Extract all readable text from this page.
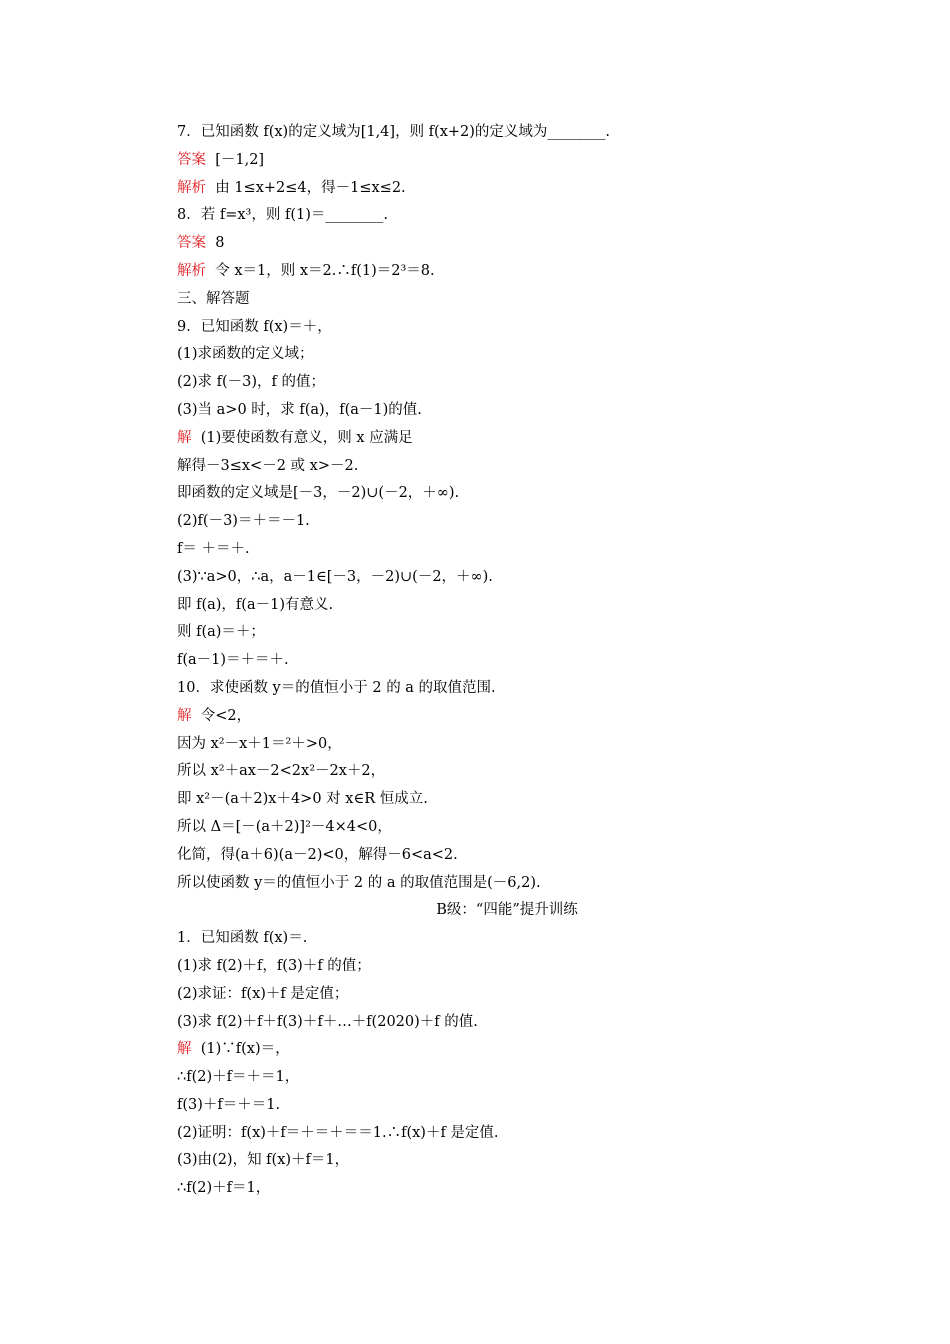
7．已知函数 f(x)的定义域为[1,4]，则 f(x+2)的定义域为________.
答案  [－1,2]
解析  由 1≤x+2≤4，得－1≤x≤2.
8．若 f=x³，则 f(1)＝________.
答案  8
解析  令 x＝1，则 x＝2.∴f(1)＝2³＝8.
三、解答题
9．已知函数 f(x)＝＋，
(1)求函数的定义域；
(2)求 f(－3)，f 的值；
(3)当 a>0 时，求 f(a)，f(a－1)的值.
解  (1)要使函数有意义，则 x 应满足
解得－3≤x<－2 或 x>－2.
即函数的定义域是[－3，－2)∪(－2，＋∞).
(2)f(－3)＝＋＝－1.
f＝ ＋＝＋.
(3)∵a>0，∴a，a－1∈[－3，－2)∪(－2，＋∞).
即 f(a)，f(a－1)有意义.
则 f(a)＝＋；
f(a－1)＝＋＝＋.
10．求使函数 y＝的值恒小于 2 的 a 的取值范围.
解  令<2，
因为 x²－x＋1＝²＋>0，
所以 x²＋ax－2<2x²－2x＋2，
即 x²－(a＋2)x＋4>0 对 x∈R 恒成立.
所以 Δ＝[－(a＋2)]²－4×4<0，
化简，得(a＋6)(a－2)<0，解得－6<a<2.
所以使函数 y＝的值恒小于 2 的 a 的取值范围是(－6,2).
B级：“四能”提升训练
1．已知函数 f(x)＝.
(1)求 f(2)＋f，f(3)＋f 的值；
(2)求证：f(x)＋f 是定值；
(3)求 f(2)＋f＋f(3)＋f＋…＋f(2020)＋f 的值.
解  (1)∵f(x)＝，
∴f(2)＋f＝＋＝1，
f(3)＋f＝＋＝1.
(2)证明：f(x)＋f＝＋＝＋＝＝1.∴f(x)＋f 是定值.
(3)由(2)，知 f(x)＋f＝1，
∴f(2)＋f＝1，
